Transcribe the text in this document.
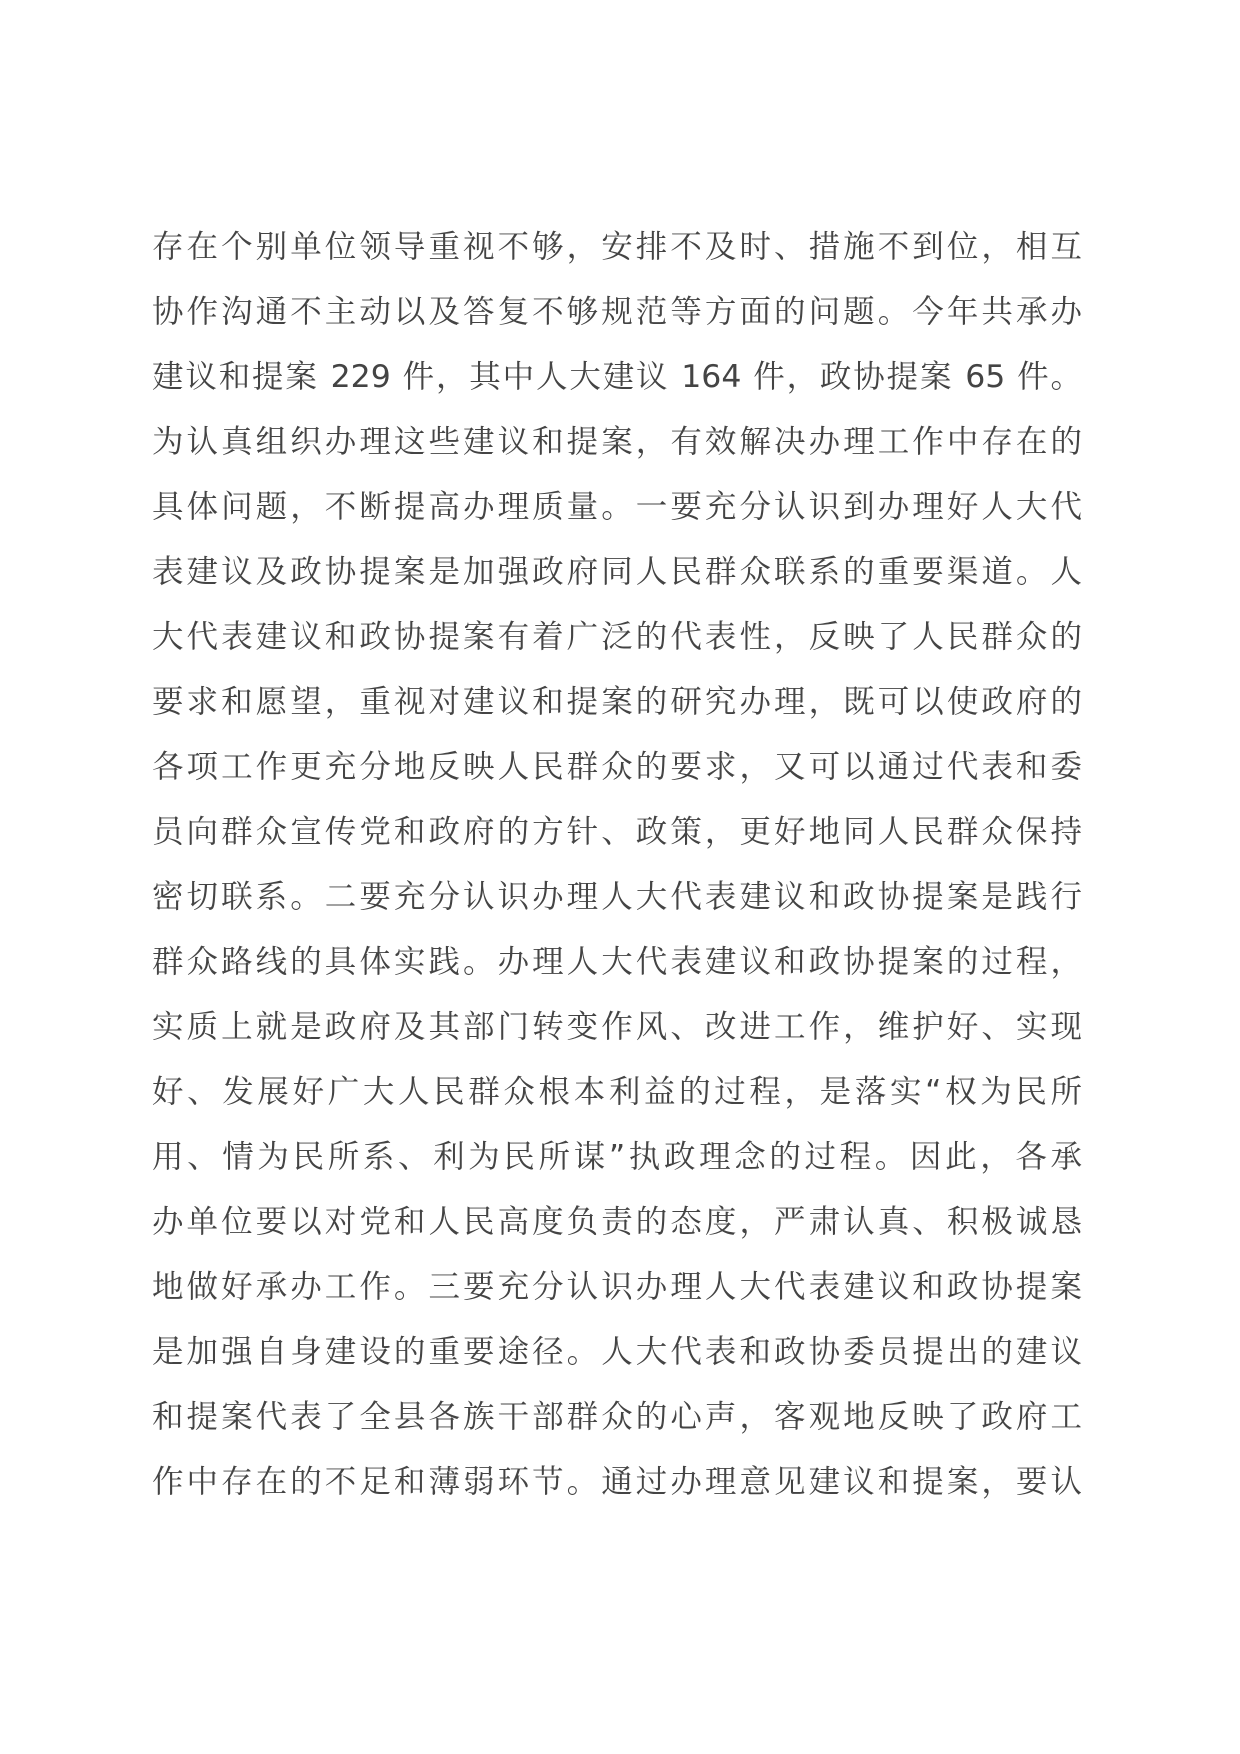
存在个别单位领导重视不够，安排不及时、措施不到位，相互
协作沟通不主动以及答复不够规范等方面的问题。今年共承办
建议和提案 229 件，其中人大建议 164 件，政协提案 65 件。
为认真组织办理这些建议和提案，有效解决办理工作中存在的
具体问题，不断提高办理质量。一要充分认识到办理好人大代
表建议及政协提案是加强政府同人民群众联系的重要渠道。人
大代表建议和政协提案有着广泛的代表性，反映了人民群众的
要求和愿望，重视对建议和提案的研究办理，既可以使政府的
各项工作更充分地反映人民群众的要求，又可以通过代表和委
员向群众宣传党和政府的方针、政策，更好地同人民群众保持
密切联系。二要充分认识办理人大代表建议和政协提案是践行
群众路线的具体实践。办理人大代表建议和政协提案的过程，
实质上就是政府及其部门转变作风、改进工作，维护好、实现
好、发展好广大人民群众根本利益的过程，是落实“权为民所
用、情为民所系、利为民所谋”执政理念的过程。因此，各承
办单位要以对党和人民高度负责的态度，严肃认真、积极诚恳
地做好承办工作。三要充分认识办理人大代表建议和政协提案
是加强自身建设的重要途径。人大代表和政协委员提出的建议
和提案代表了全县各族干部群众的心声，客观地反映了政府工
作中存在的不足和薄弱环节。通过办理意见建议和提案，要认
